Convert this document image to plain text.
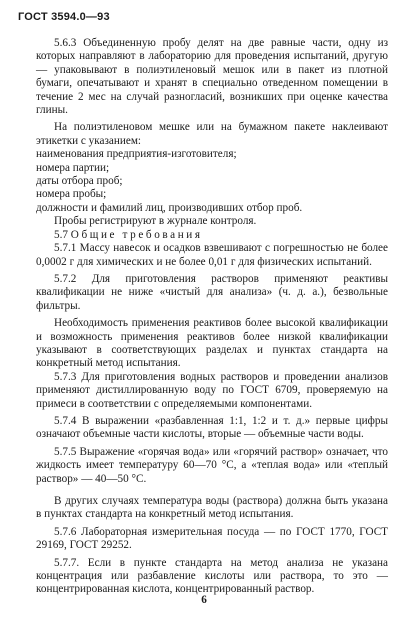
ГОСТ 3594.0—93

5.6.3 Объединенную пробу делят на две равные части, одну из которых направляют в лабораторию для проведения испытаний, другую — упаковывают в полиэтиленовый мешок или в пакет из плотной бумаги, опечатывают и хранят в специально отведенном помещении в течение 2 мес на случай разногласий, возникших при оценке качества глины.

На полиэтиленовом мешке или на бумажном пакете наклеивают этикетки с указанием:

наименования предприятия-изготовителя;

номера партии;

даты отбора проб;

номера пробы;

должности и фамилий лиц, производивших отбор проб.

Пробы регистрируют в журнале контроля.

5.7 Общие требования

5.7.1 Массу навесок и осадков взвешивают с погрешностью не более 0,0002 г для химических и не более 0,01 г для физических испытаний.

5.7.2 Для приготовления растворов применяют реактивы квалификации не ниже «чистый для анализа» (ч. д. а.), безвольные фильтры.

Необходимость применения реактивов более высокой квалификации и возможность применения реактивов более низкой квалификации указывают в соответствующих разделах и пунктах стандарта на конкретный метод испытания.

5.7.3 Для приготовления водных растворов и проведении анализов применяют дистиллированную воду по ГОСТ 6709, проверяемую на примеси в соответствии с определяемыми компонентами.

5.7.4 В выражении «разбавленная 1:1, 1:2 и т. д.» первые цифры означают объемные части кислоты, вторые — объемные части воды.

5.7.5 Выражение «горячая вода» или «горячий раствор» означает, что жидкость имеет температуру 60—70 °С, а «теплая вода» или «теплый раствор» — 40—50 °С.

В других случаях температура воды (раствора) должна быть указана в пунктах стандарта на конкретный метод испытания.

5.7.6 Лабораторная измерительная посуда — по ГОСТ 1770, ГОСТ 29169, ГОСТ 29252.

5.7.7. Если в пункте стандарта на метод анализа не указана концентрация или разбавление кислоты или раствора, то это — концентрированная кислота, концентрированный раствор.

6
